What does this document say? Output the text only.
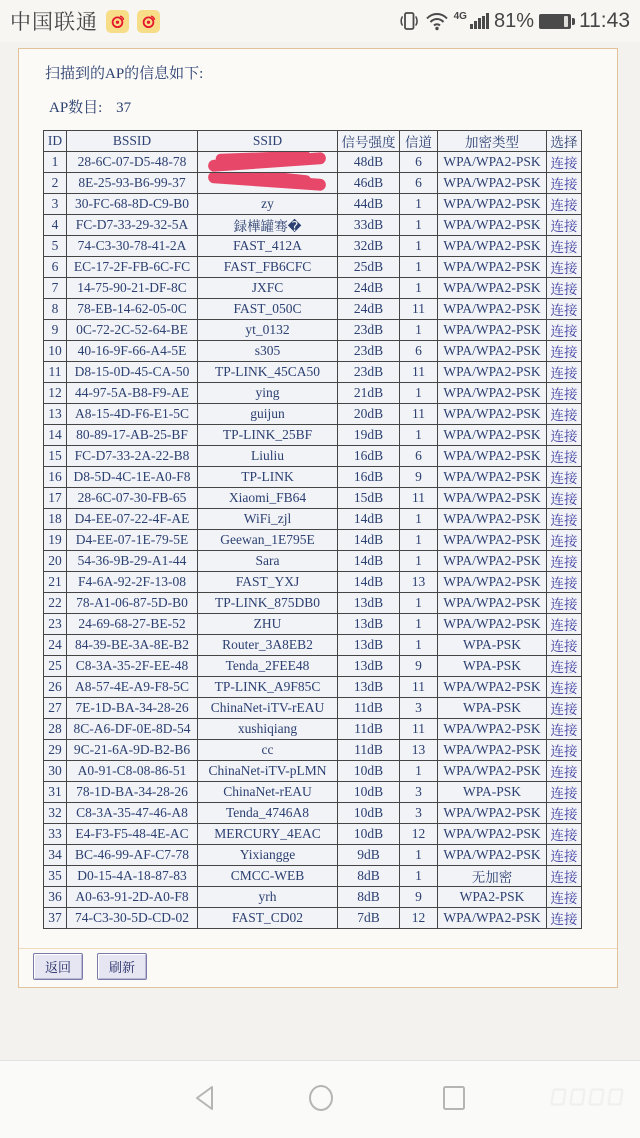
中国联通	4G 81% 11:43
扫描到的AP的信息如下:
AP数目: 37
ID	BSSID	SSID	信号强度	信道	加密类型	选择
1	28-6C-07-D5-48-78		48dB	6	WPA/WPA2-PSK	连接
2	8E-25-93-B6-99-37		46dB	6	WPA/WPA2-PSK	连接
3	30-FC-68-8D-C9-B0	zy	44dB	1	WPA/WPA2-PSK	连接
4	FC-D7-33-29-32-5A	録樺罐骞�	33dB	1	WPA/WPA2-PSK	连接
5	74-C3-30-78-41-2A	FAST_412A	32dB	1	WPA/WPA2-PSK	连接
6	EC-17-2F-FB-6C-FC	FAST_FB6CFC	25dB	1	WPA/WPA2-PSK	连接
7	14-75-90-21-DF-8C	JXFC	24dB	1	WPA/WPA2-PSK	连接
8	78-EB-14-62-05-0C	FAST_050C	24dB	11	WPA/WPA2-PSK	连接
9	0C-72-2C-52-64-BE	yt_0132	23dB	1	WPA/WPA2-PSK	连接
10	40-16-9F-66-A4-5E	s305	23dB	6	WPA/WPA2-PSK	连接
11	D8-15-0D-45-CA-50	TP-LINK_45CA50	23dB	11	WPA/WPA2-PSK	连接
12	44-97-5A-B8-F9-AE	ying	21dB	1	WPA/WPA2-PSK	连接
13	A8-15-4D-F6-E1-5C	guijun	20dB	11	WPA/WPA2-PSK	连接
14	80-89-17-AB-25-BF	TP-LINK_25BF	19dB	1	WPA/WPA2-PSK	连接
15	FC-D7-33-2A-22-B8	Liuliu	16dB	6	WPA/WPA2-PSK	连接
16	D8-5D-4C-1E-A0-F8	TP-LINK	16dB	9	WPA/WPA2-PSK	连接
17	28-6C-07-30-FB-65	Xiaomi_FB64	15dB	11	WPA/WPA2-PSK	连接
18	D4-EE-07-22-4F-AE	WiFi_zjl	14dB	1	WPA/WPA2-PSK	连接
19	D4-EE-07-1E-79-5E	Geewan_1E795E	14dB	1	WPA/WPA2-PSK	连接
20	54-36-9B-29-A1-44	Sara	14dB	1	WPA/WPA2-PSK	连接
21	F4-6A-92-2F-13-08	FAST_YXJ	14dB	13	WPA/WPA2-PSK	连接
22	78-A1-06-87-5D-B0	TP-LINK_875DB0	13dB	1	WPA/WPA2-PSK	连接
23	24-69-68-27-BE-52	ZHU	13dB	1	WPA/WPA2-PSK	连接
24	84-39-BE-3A-8E-B2	Router_3A8EB2	13dB	1	WPA-PSK	连接
25	C8-3A-35-2F-EE-48	Tenda_2FEE48	13dB	9	WPA-PSK	连接
26	A8-57-4E-A9-F8-5C	TP-LINK_A9F85C	13dB	11	WPA/WPA2-PSK	连接
27	7E-1D-BA-34-28-26	ChinaNet-iTV-rEAU	11dB	3	WPA-PSK	连接
28	8C-A6-DF-0E-8D-54	xushiqiang	11dB	11	WPA/WPA2-PSK	连接
29	9C-21-6A-9D-B2-B6	cc	11dB	13	WPA/WPA2-PSK	连接
30	A0-91-C8-08-86-51	ChinaNet-iTV-pLMN	10dB	1	WPA/WPA2-PSK	连接
31	78-1D-BA-34-28-26	ChinaNet-rEAU	10dB	3	WPA-PSK	连接
32	C8-3A-35-47-46-A8	Tenda_4746A8	10dB	3	WPA/WPA2-PSK	连接
33	E4-F3-F5-48-4E-AC	MERCURY_4EAC	10dB	12	WPA/WPA2-PSK	连接
34	BC-46-99-AF-C7-78	Yixiangge	9dB	1	WPA/WPA2-PSK	连接
35	D0-15-4A-18-87-83	CMCC-WEB	8dB	1	无加密	连接
36	A0-63-91-2D-A0-F8	yrh	8dB	9	WPA2-PSK	连接
37	74-C3-30-5D-CD-02	FAST_CD02	7dB	12	WPA/WPA2-PSK	连接
返回	刷新
